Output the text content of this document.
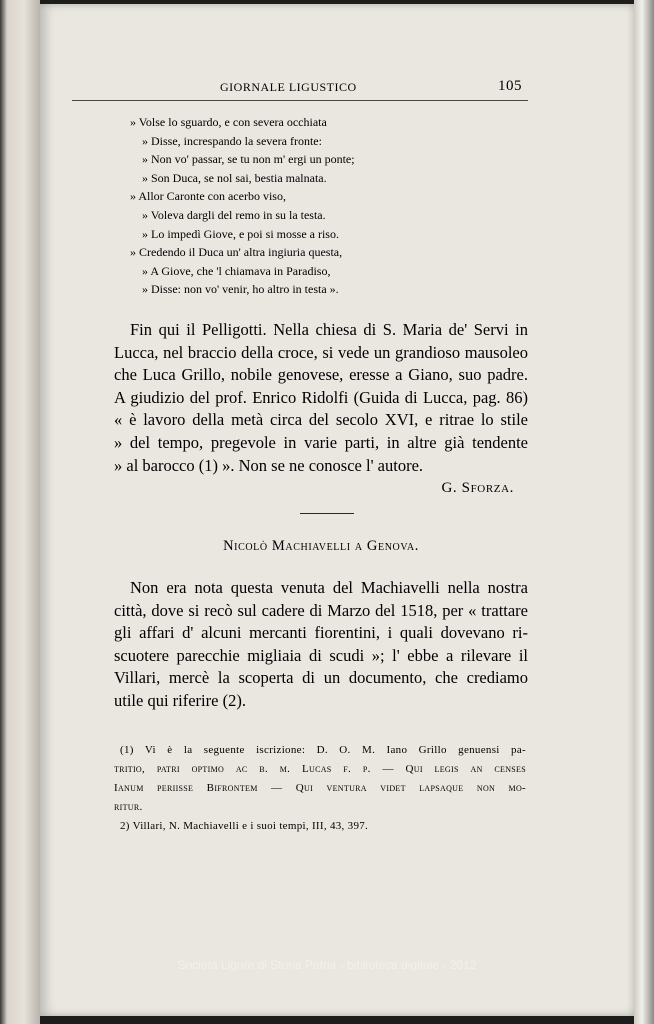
GIORNALE LIGUSTICO	105
» Volse lo sguardo, e con severa occhiata
» Disse, increspando la severa fronte:
» Non vo' passar, se tu non m' ergi un ponte;
» Son Duca, se nol sai, bestia malnata.
» Allor Caronte con acerbo viso,
» Voleva dargli del remo in su la testa.
» Lo impedì Giove, e poi si mosse a riso.
» Credendo il Duca un' altra ingiuria questa,
» A Giove, che 'l chiamava in Paradiso,
» Disse: non vo' venir, ho altro in testa ».
Fin qui il Pelligotti. Nella chiesa di S. Maria de' Servi in
Lucca, nel braccio della croce, si vede un grandioso mausoleo
che Luca Grillo, nobile genovese, eresse a Giano, suo padre.
A giudizio del prof. Enrico Ridolfi (Guida di Lucca, pag. 86)
« è lavoro della metà circa del secolo XVI, e ritrae lo stile
» del tempo, pregevole in varie parti, in altre già tendente
» al barocco (1) ». Non se ne conosce l' autore.
G. Sforza.
Nicolò Machiavelli a Genova.
Non era nota questa venuta del Machiavelli nella nostra
città, dove si recò sul cadere di Marzo del 1518, per « trattare
gli affari d' alcuni mercanti fiorentini, i quali dovevano ri-
scuotere parecchie migliaia di scudi »; l' ebbe a rilevare il
Villari, mercè la scoperta di un documento, che crediamo
utile qui riferire (2).
(1) Vi è la seguente iscrizione: D. O. M. Iano Grillo genuensi pa-
tritio, patri optimo ac b. m. Lucas f. p. — Qui legis an censes
Ianum periisse Bifrontem — Qui ventura videt lapsaque non mo-
ritur.
2) Villari, N. Machiavelli e i suoi tempi, III, 43, 397.
Società Ligure di Storia Patria - biblioteca digitale - 2012
